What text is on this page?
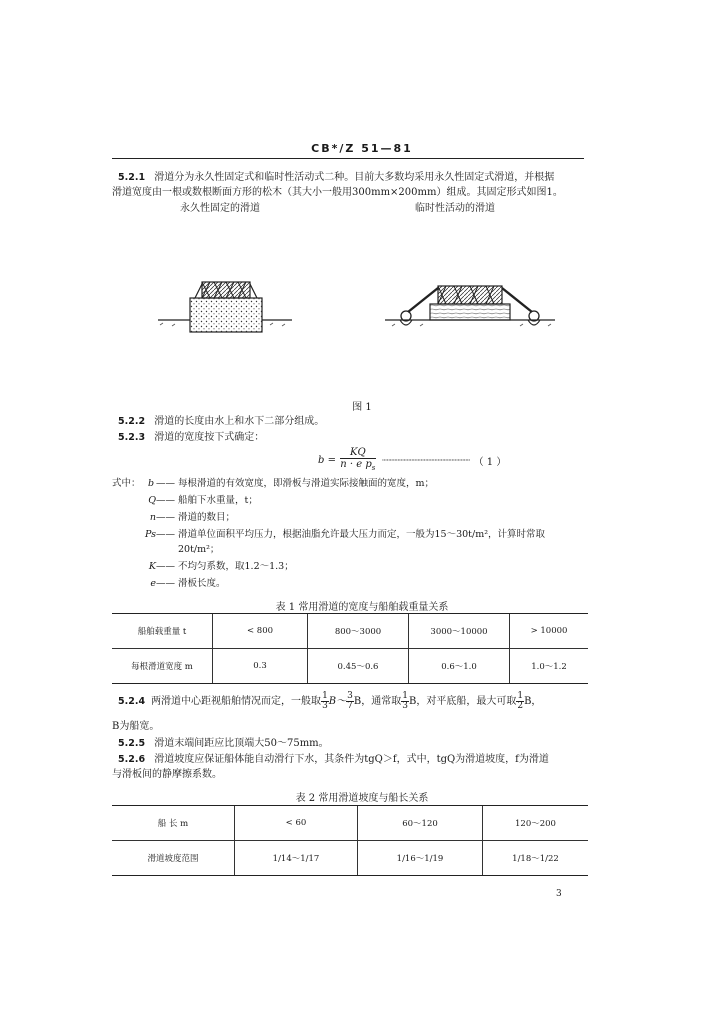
CB*/Z 51—81
5.2.1 滑道分为永久性固定式和临时性活动式二种。目前大多数均采用永久性固定式滑道，并根据
滑道宽度由一根或数根断面方形的松木（其大小一般用300mm×200mm）组成。其固定形式如图1。
永久性固定的滑道	临时性活动的滑道
图 1
5.2.2 滑道的长度由水上和水下二部分组成。
5.2.3 滑道的宽度按下式确定：
$b = \frac{KQ}{n \cdot e p_s}$ ························································· （ 1 ）
式中： b —— 每根滑道的有效宽度，即滑板与滑道实际接触面的宽度，m；
Q —— 船舶下水重量，t；
n —— 滑道的数目；
Ps —— 滑道单位面积平均压力，根据油脂允许最大压力而定，一般为15～30t/m²，计算时常取
20t/m²；
K —— 不均匀系数，取1.2～1.3；
e —— 滑板长度。
表 1 常用滑道的宽度与船舶载重量关系
船舶载重量 t	< 800	800～3000	3000～10000	> 10000
每根滑道宽度 m	0.3	0.45～0.6	0.6～1.0	1.0～1.2
5.2.4 两滑道中心距视船舶情况而定，一般取 $\frac{1}{3}$ B～ $\frac{3}{7}$ B，通常取 $\frac{1}{3}$ B，对平底船，最大可取 $\frac{1}{2}$ B，
B为船宽。
5.2.5 滑道末端间距应比顶端大50～75mm。
5.2.6 滑道坡度应保证船体能自动滑行下水，其条件为tgQ＞f，式中，tgQ为滑道坡度，f为滑道
与滑板间的静摩擦系数。
表 2 常用滑道坡度与船长关系
船 长 m	< 60	60～120	120～200
滑道坡度范围	1/14～1/17	1/16～1/19	1/18～1/22
3
